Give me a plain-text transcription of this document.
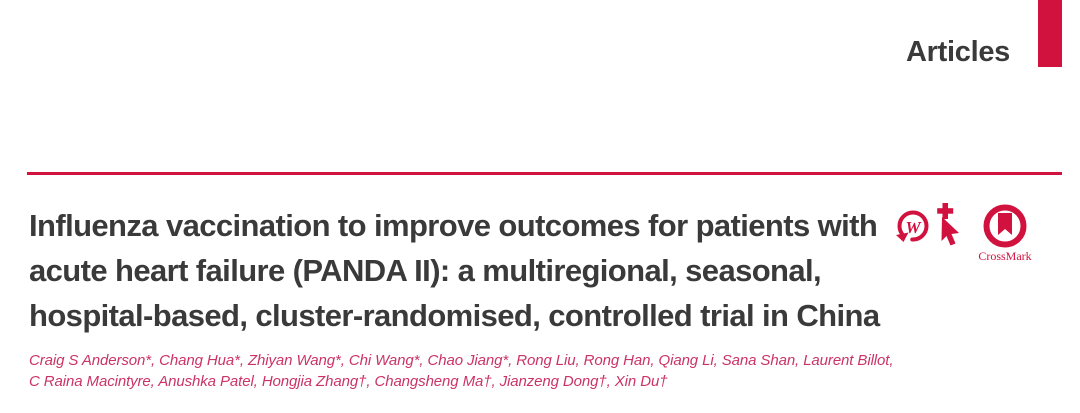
Articles
Influenza vaccination to improve outcomes for patients with
acute heart failure (PANDA II): a multiregional, seasonal,
hospital-based, cluster-randomised, controlled trial in China
W
CrossMark
Craig S Anderson*, Chang Hua*, Zhiyan Wang*, Chi Wang*, Chao Jiang*, Rong Liu, Rong Han, Qiang Li, Sana Shan, Laurent Billot,
C Raina Macintyre, Anushka Patel, Hongjia Zhang†, Changsheng Ma†, Jianzeng Dong†, Xin Du†
